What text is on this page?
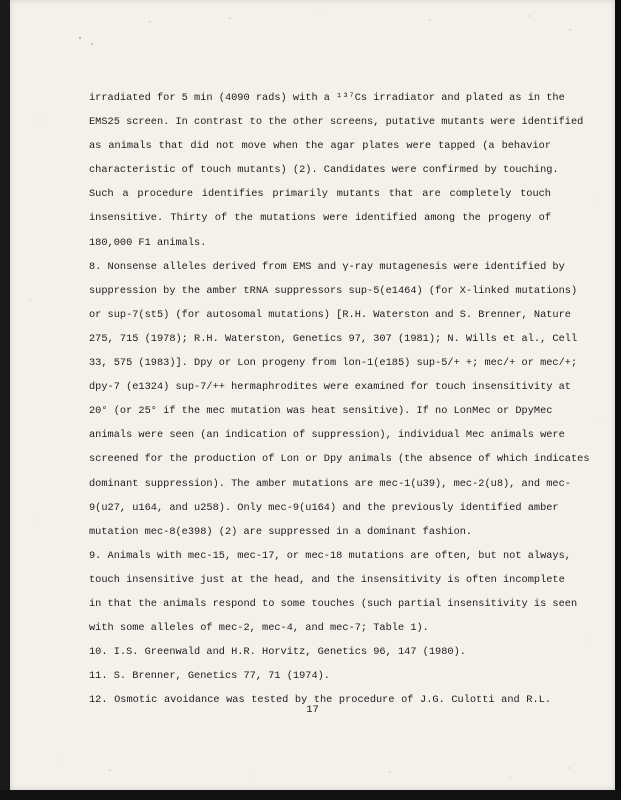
irradiated for 5 min (4090 rads) with a ¹³⁷Cs irradiator and plated as in the
EMS25 screen. In contrast to the other screens, putative mutants were identified
as animals that did not move when the agar plates were tapped (a behavior
characteristic of touch mutants) (2). Candidates were confirmed by touching.
Such a procedure identifies primarily mutants that are completely touch
insensitive. Thirty of the mutations were identified among the progeny of
180,000 F1 animals.
8. Nonsense alleles derived from EMS and γ-ray mutagenesis were identified by
suppression by the amber tRNA suppressors sup-5(e1464) (for X-linked mutations)
or sup-7(st5) (for autosomal mutations) [R.H. Waterston and S. Brenner, Nature
275, 715 (1978); R.H. Waterston, Genetics 97, 307 (1981); N. Wills et al., Cell
33, 575 (1983)]. Dpy or Lon progeny from lon-1(e185) sup-5/+ +; mec/+ or mec/+;
dpy-7 (e1324) sup-7/++ hermaphrodites were examined for touch insensitivity at
20° (or 25° if the mec mutation was heat sensitive). If no LonMec or DpyMec
animals were seen (an indication of suppression), individual Mec animals were
screened for the production of Lon or Dpy animals (the absence of which indicates
dominant suppression). The amber mutations are mec-1(u39), mec-2(u8), and mec-
9(u27, u164, and u258). Only mec-9(u164) and the previously identified amber
mutation mec-8(e398) (2) are suppressed in a dominant fashion.
9. Animals with mec-15, mec-17, or mec-18 mutations are often, but not always,
touch insensitive just at the head, and the insensitivity is often incomplete
in that the animals respond to some touches (such partial insensitivity is seen
with some alleles of mec-2, mec-4, and mec-7; Table 1).
10. I.S. Greenwald and H.R. Horvitz, Genetics 96, 147 (1980).
11. S. Brenner, Genetics 77, 71 (1974).
12. Osmotic avoidance was tested by the procedure of J.G. Culotti and R.L.
17
